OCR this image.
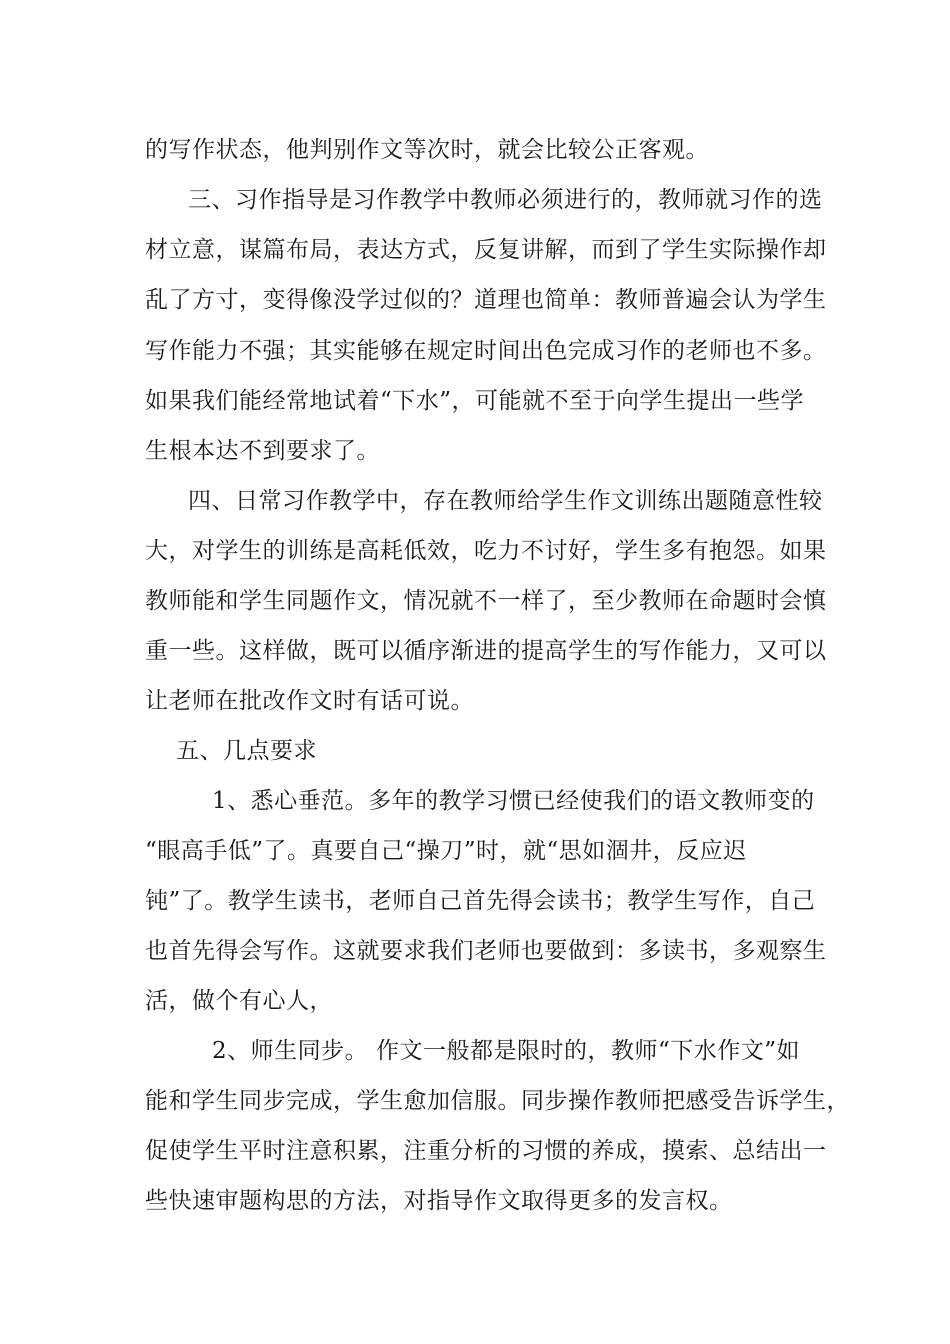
的写作状态，他判别作文等次时，就会比较公正客观。
三、习作指导是习作教学中教师必须进行的，教师就习作的选
材立意，谋篇布局，表达方式，反复讲解，而到了学生实际操作却
乱了方寸，变得像没学过似的？道理也简单：教师普遍会认为学生
写作能力不强；其实能够在规定时间出色完成习作的老师也不多。
如果我们能经常地试着“下水”，可能就不至于向学生提出一些学
生根本达不到要求了。
四、日常习作教学中，存在教师给学生作文训练出题随意性较
大，对学生的训练是高耗低效，吃力不讨好，学生多有抱怨。如果
教师能和学生同题作文，情况就不一样了，至少教师在命题时会慎
重一些。这样做，既可以循序渐进的提高学生的写作能力，又可以
让老师在批改作文时有话可说。
五、几点要求
1、悉心垂范。多年的教学习惯已经使我们的语文教师变的
“眼高手低”了。真要自己“操刀”时，就“思如涸井，反应迟
钝”了。教学生读书，老师自己首先得会读书；教学生写作，自己
也首先得会写作。这就要求我们老师也要做到：多读书，多观察生
活，做个有心人，
2、师生同步。 作文一般都是限时的，教师“下水作文”如
能和学生同步完成，学生愈加信服。同步操作教师把感受告诉学生，
促使学生平时注意积累，注重分析的习惯的养成，摸索、总结出一
些快速审题构思的方法，对指导作文取得更多的发言权。
